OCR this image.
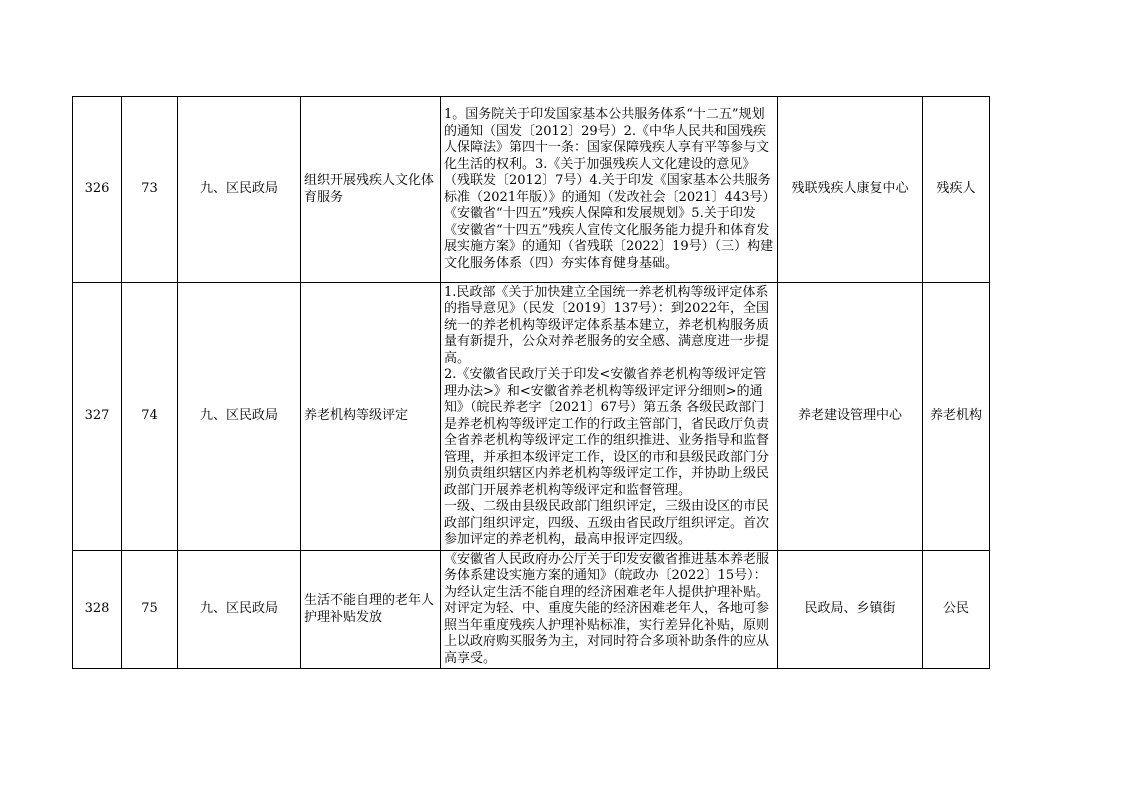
326	73	九、区民政局	组织开展残疾人文化体育服务	1。国务院关于印发国家基本公共服务体系“十二五”规划的通知（国发〔2012〕29号）2.《中华人民共和国残疾人保障法》第四十一条：国家保障残疾人享有平等参与文化生活的权利。3.《关于加强残疾人文化建设的意见》（残联发〔2012〕7号）4.关于印发《国家基本公共服务标准（2021年版）》的通知（发改社会〔2021〕443号）《安徽省“十四五”残疾人保障和发展规划》5.关于印发《安徽省“十四五”残疾人宣传文化服务能力提升和体育发展实施方案》的通知（省残联〔2022〕19号）（三）构建文化服务体系（四）夯实体育健身基础。	残联残疾人康复中心	残疾人
327	74	九、区民政局	养老机构等级评定	1.民政部《关于加快建立全国统一养老机构等级评定体系的指导意见》（民发〔2019〕137号）：到2022年，全国统一的养老机构等级评定体系基本建立，养老机构服务质量有新提升，公众对养老服务的安全感、满意度进一步提高。
2.《安徽省民政厅关于印发<安徽省养老机构等级评定管理办法>》和<安徽省养老机构等级评定评分细则>的通知》（皖民养老字〔2021〕67号）第五条 各级民政部门是养老机构等级评定工作的行政主管部门，省民政厅负责全省养老机构等级评定工作的组织推进、业务指导和监督管理，并承担本级评定工作，设区的市和县级民政部门分别负责组织辖区内养老机构等级评定工作，并协助上级民政部门开展养老机构等级评定和监督管理。
一级、二级由县级民政部门组织评定，三级由设区的市民政部门组织评定，四级、五级由省民政厅组织评定。首次参加评定的养老机构，最高申报评定四级。	养老建设管理中心	养老机构
328	75	九、区民政局	生活不能自理的老年人护理补贴发放	《安徽省人民政府办公厅关于印发安徽省推进基本养老服务体系建设实施方案的通知》（皖政办〔2022〕15号）：为经认定生活不能自理的经济困难老年人提供护理补贴。对评定为轻、中、重度失能的经济困难老年人，各地可参照当年重度残疾人护理补贴标准，实行差异化补贴，原则上以政府购买服务为主，对同时符合多项补助条件的应从高享受。	民政局、乡镇街	公民
